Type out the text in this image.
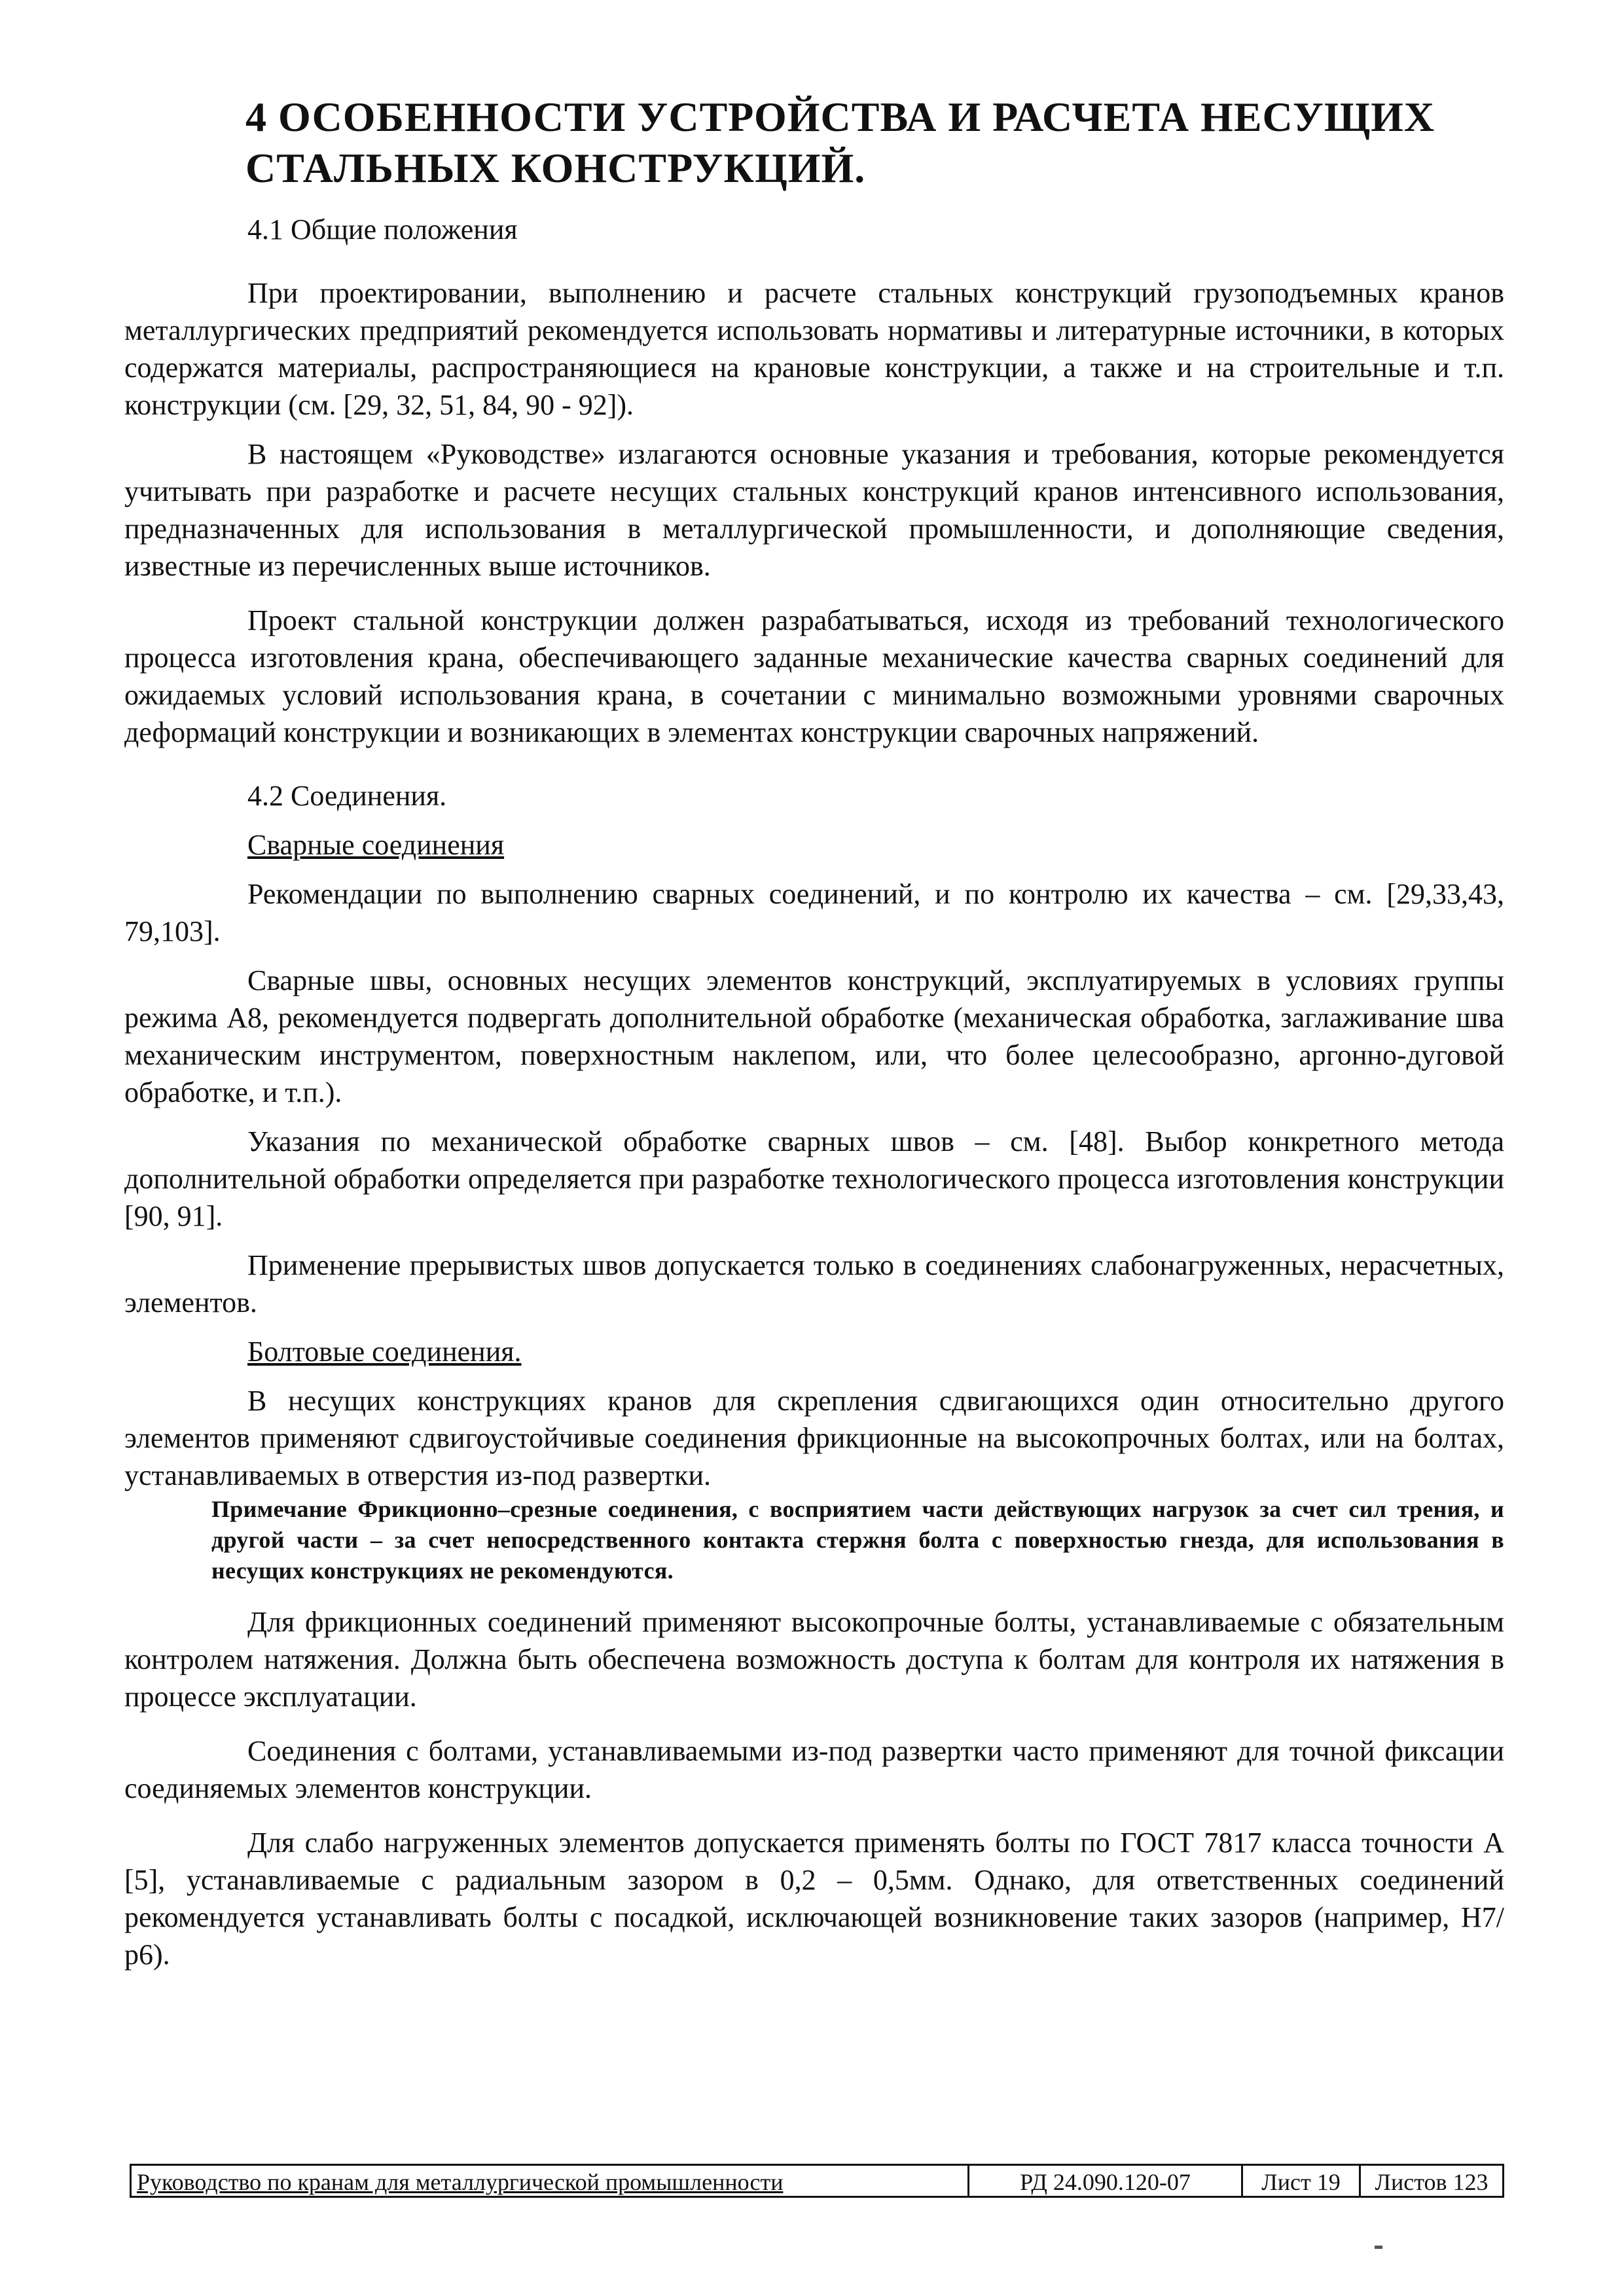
4 ОСОБЕННОСТИ УСТРОЙСТВА И РАСЧЕТА НЕСУЩИХ СТАЛЬНЫХ КОНСТРУКЦИЙ.

4.1 Общие положения

При проектировании, выполнению и расчете стальных конструкций грузоподъемных кранов металлургических предприятий рекомендуется использовать нормативы и литературные источники, в которых содержатся материалы, распространяющиеся на крановые конструкции, а также и на строительные и т.п. конструкции (см. [29, 32, 51, 84, 90 - 92]).

В настоящем «Руководстве» излагаются основные указания и требования, которые рекомендуется учитывать при разработке и расчете несущих стальных конструкций кранов интенсивного использования, предназначенных для использования в металлургической промышленности, и дополняющие сведения, известные из перечисленных выше источников.

Проект стальной конструкции должен разрабатываться, исходя из требований технологического процесса изготовления крана, обеспечивающего заданные механические качества сварных соединений для ожидаемых условий использования крана, в сочетании с минимально возможными уровнями сварочных деформаций конструкции и возникающих в элементах конструкции сварочных напряжений.

4.2 Соединения.

Сварные соединения

Рекомендации по выполнению сварных соединений, и по контролю их качества – см. [29,33,43, 79,103].

Сварные швы, основных несущих элементов конструкций, эксплуатируемых в условиях группы режима А8, рекомендуется подвергать дополнительной обработке (механическая обработка, заглаживание шва механическим инструментом, поверхностным наклепом, или, что более целесообразно, аргонно-дуговой обработке, и т.п.).

Указания по механической обработке сварных швов – см. [48]. Выбор конкретного метода дополнительной обработки определяется при разработке технологического процесса изготовления конструкции [90, 91].

Применение прерывистых швов допускается только в соединениях слабонагруженных, нерасчетных, элементов.

Болтовые соединения.

В несущих конструкциях кранов для скрепления сдвигающихся один относительно другого элементов применяют сдвигоустойчивые соединения фрикционные на высокопрочных болтах, или на болтах, устанавливаемых в отверстия из-под развертки.

Примечание Фрикционно–срезные соединения, с восприятием части действующих нагрузок за счет сил трения, и другой части – за счет непосредственного контакта стержня болта с поверхностью гнезда, для использования в несущих конструкциях не рекомендуются.

Для фрикционных соединений применяют высокопрочные болты, устанавливаемые с обязательным контролем натяжения. Должна быть обеспечена возможность доступа к болтам для контроля их натяжения в процессе эксплуатации.

Соединения с болтами, устанавливаемыми из-под развертки часто применяют для точной фиксации соединяемых элементов конструкции.

Для слабо нагруженных элементов допускается применять болты по ГОСТ 7817 класса точности А [5], устанавливаемые с радиальным зазором в 0,2 – 0,5мм. Однако, для ответственных соединений рекомендуется устанавливать болты с посадкой, исключающей возникновение таких зазоров (например, Н7/р6).

Руководство по кранам для металлургической промышленности	РД 24.090.120-07	Лист 19	Листов 123
